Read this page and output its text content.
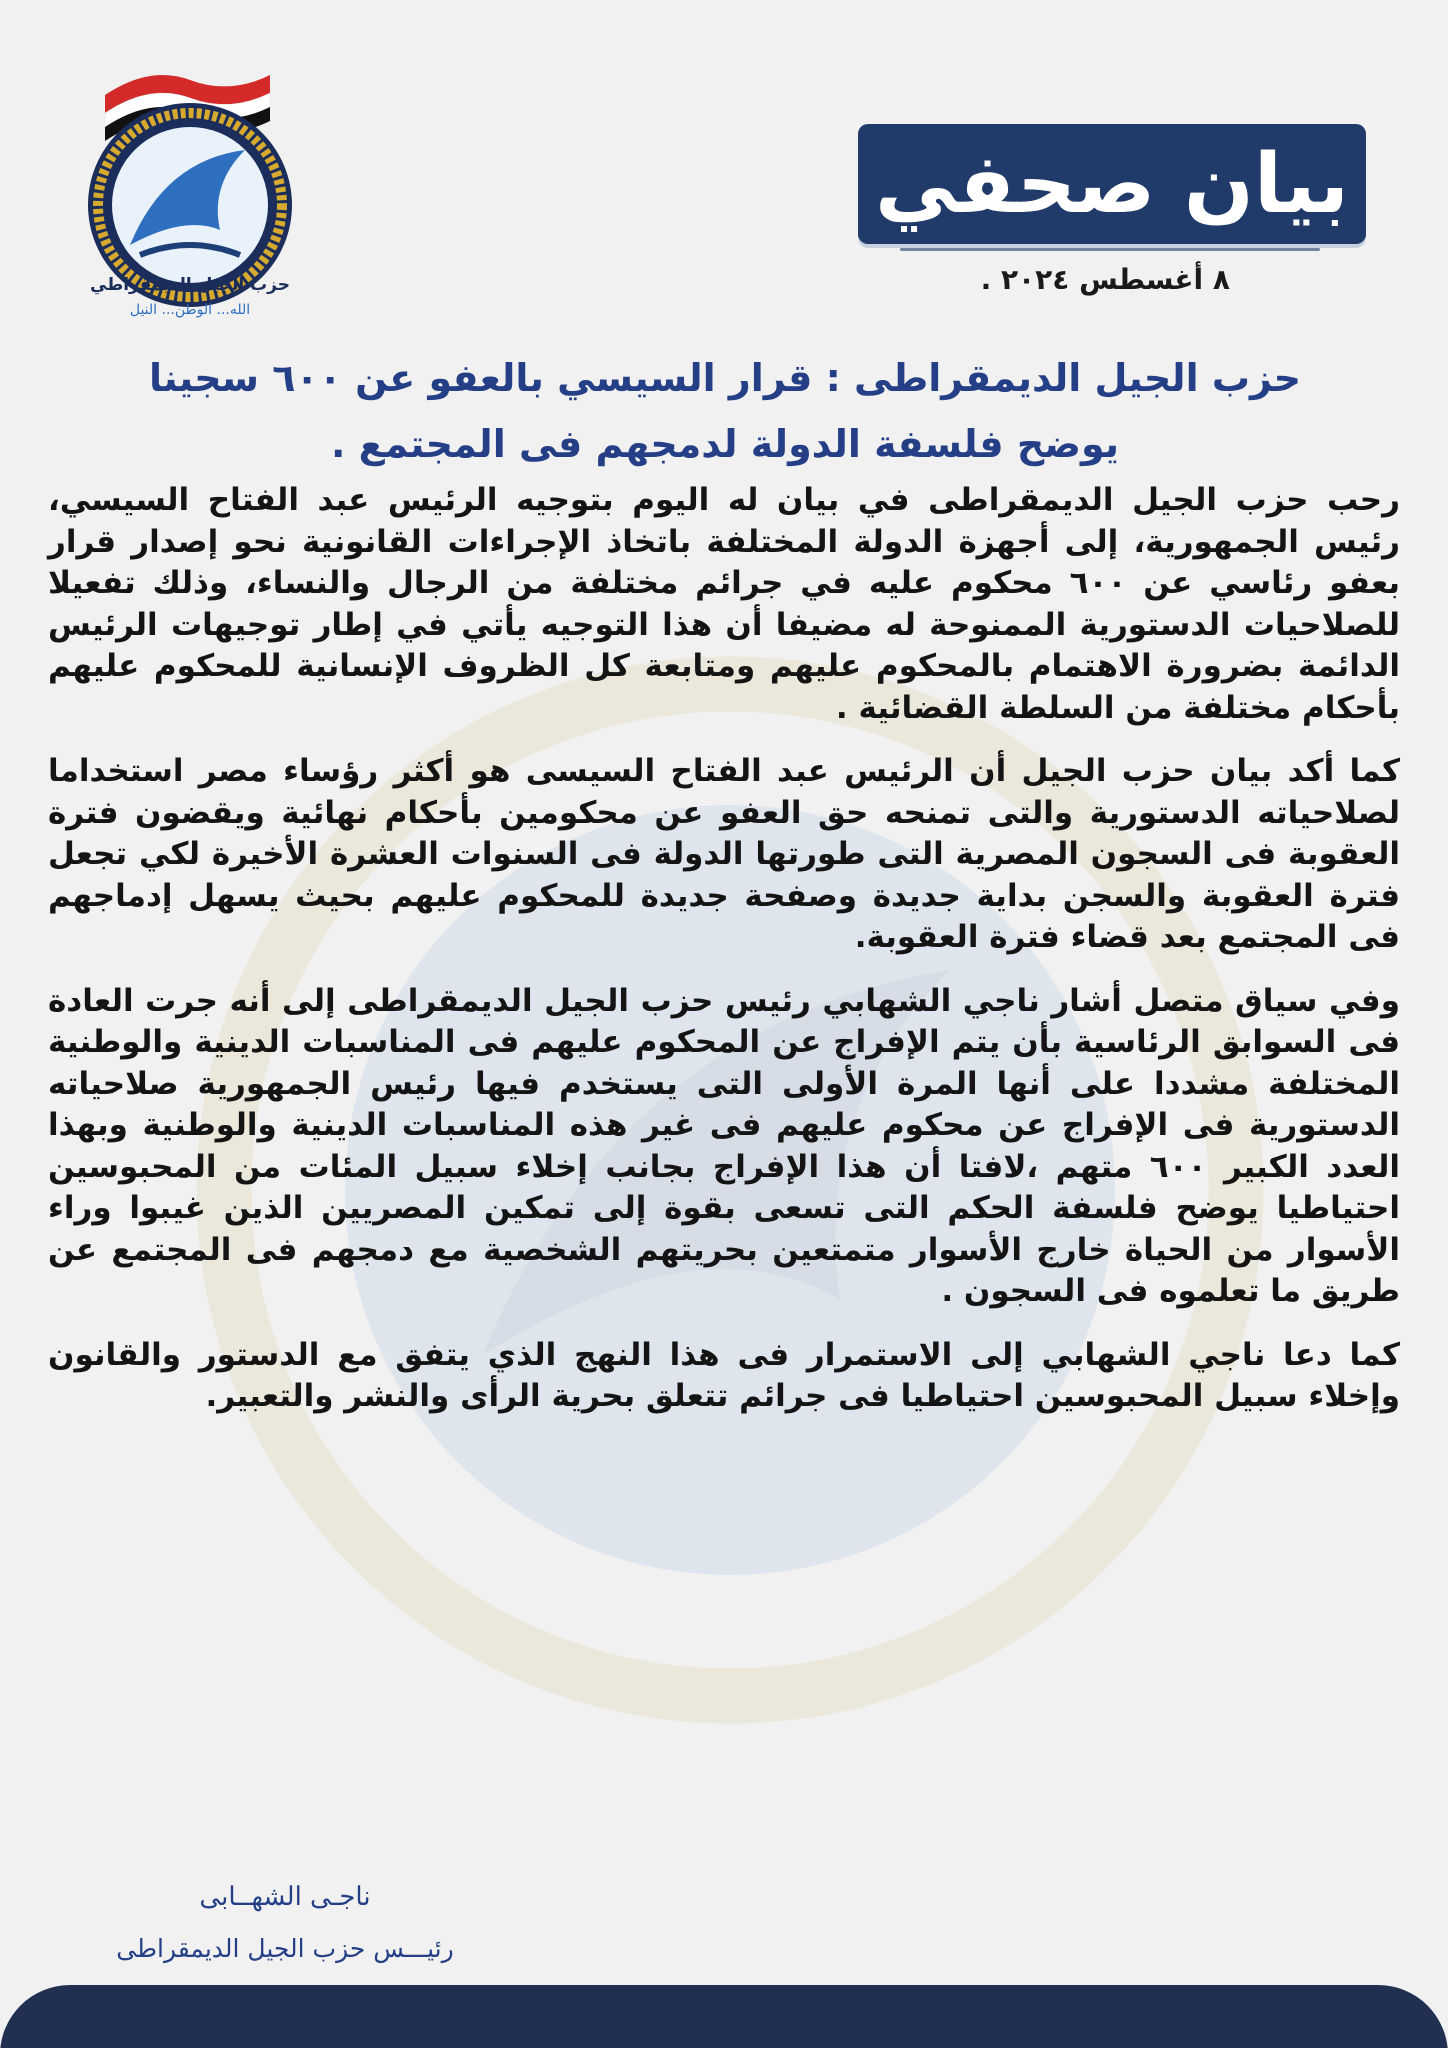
حزب الجيل الديمقراطي
الله... الوطن... النيل
بيان صحفي
٨ أغسطس ٢٠٢٤ .
حزب الجيل الديمقراطى : قرار السيسي بالعفو عن ٦٠٠ سجينا
يوضح فلسفة الدولة لدمجهم فى المجتمع .

رحب حزب الجيل الديمقراطى في بيان له اليوم بتوجيه الرئيس عبد الفتاح السيسي، رئيس الجمهورية، إلى أجهزة الدولة المختلفة باتخاذ الإجراءات القانونية نحو إصدار قرار بعفو رئاسي عن ٦٠٠ محكوم عليه في جرائم مختلفة من الرجال والنساء، وذلك تفعيلا للصلاحيات الدستورية الممنوحة له مضيفا أن هذا التوجيه يأتي في إطار توجيهات الرئيس الدائمة بضرورة الاهتمام بالمحكوم عليهم ومتابعة كل الظروف الإنسانية للمحكوم عليهم بأحكام مختلفة من السلطة القضائية .

كما أكد بيان حزب الجيل أن الرئيس عبد الفتاح السيسى هو أكثر رؤساء مصر استخداما لصلاحياته الدستورية والتى تمنحه حق العفو عن محكومين بأحكام نهائية ويقضون فترة العقوبة فى السجون المصرية التى طورتها الدولة فى السنوات العشرة الأخيرة لكي تجعل فترة العقوبة والسجن بداية جديدة وصفحة جديدة للمحكوم عليهم بحيث يسهل إدماجهم فى المجتمع بعد قضاء فترة العقوبة.

وفي سياق متصل أشار ناجي الشهابي رئيس حزب الجيل الديمقراطى إلى أنه جرت العادة فى السوابق الرئاسية بأن يتم الإفراج عن المحكوم عليهم فى المناسبات الدينية والوطنية المختلفة مشددا على أنها المرة الأولى التى يستخدم فيها رئيس الجمهورية صلاحياته الدستورية فى الإفراج عن محكوم عليهم فى غير هذه المناسبات الدينية والوطنية وبهذا العدد الكبير ٦٠٠ متهم ،لافتا أن هذا الإفراج بجانب إخلاء سبيل المئات من المحبوسين احتياطيا يوضح فلسفة الحكم التى تسعى بقوة إلى تمكين المصريين الذين غيبوا وراء الأسوار من الحياة خارج الأسوار متمتعين بحريتهم الشخصية مع دمجهم فى المجتمع عن طريق ما تعلموه فى السجون .

كما دعا ناجي الشهابي إلى الاستمرار فى هذا النهج الذي يتفق مع الدستور والقانون وإخلاء سبيل المحبوسين احتياطيا فى جرائم تتعلق بحرية الرأى والنشر والتعبير.

ناجـى الشهــابى
رئيـــس حزب الجيل الديمقراطى
